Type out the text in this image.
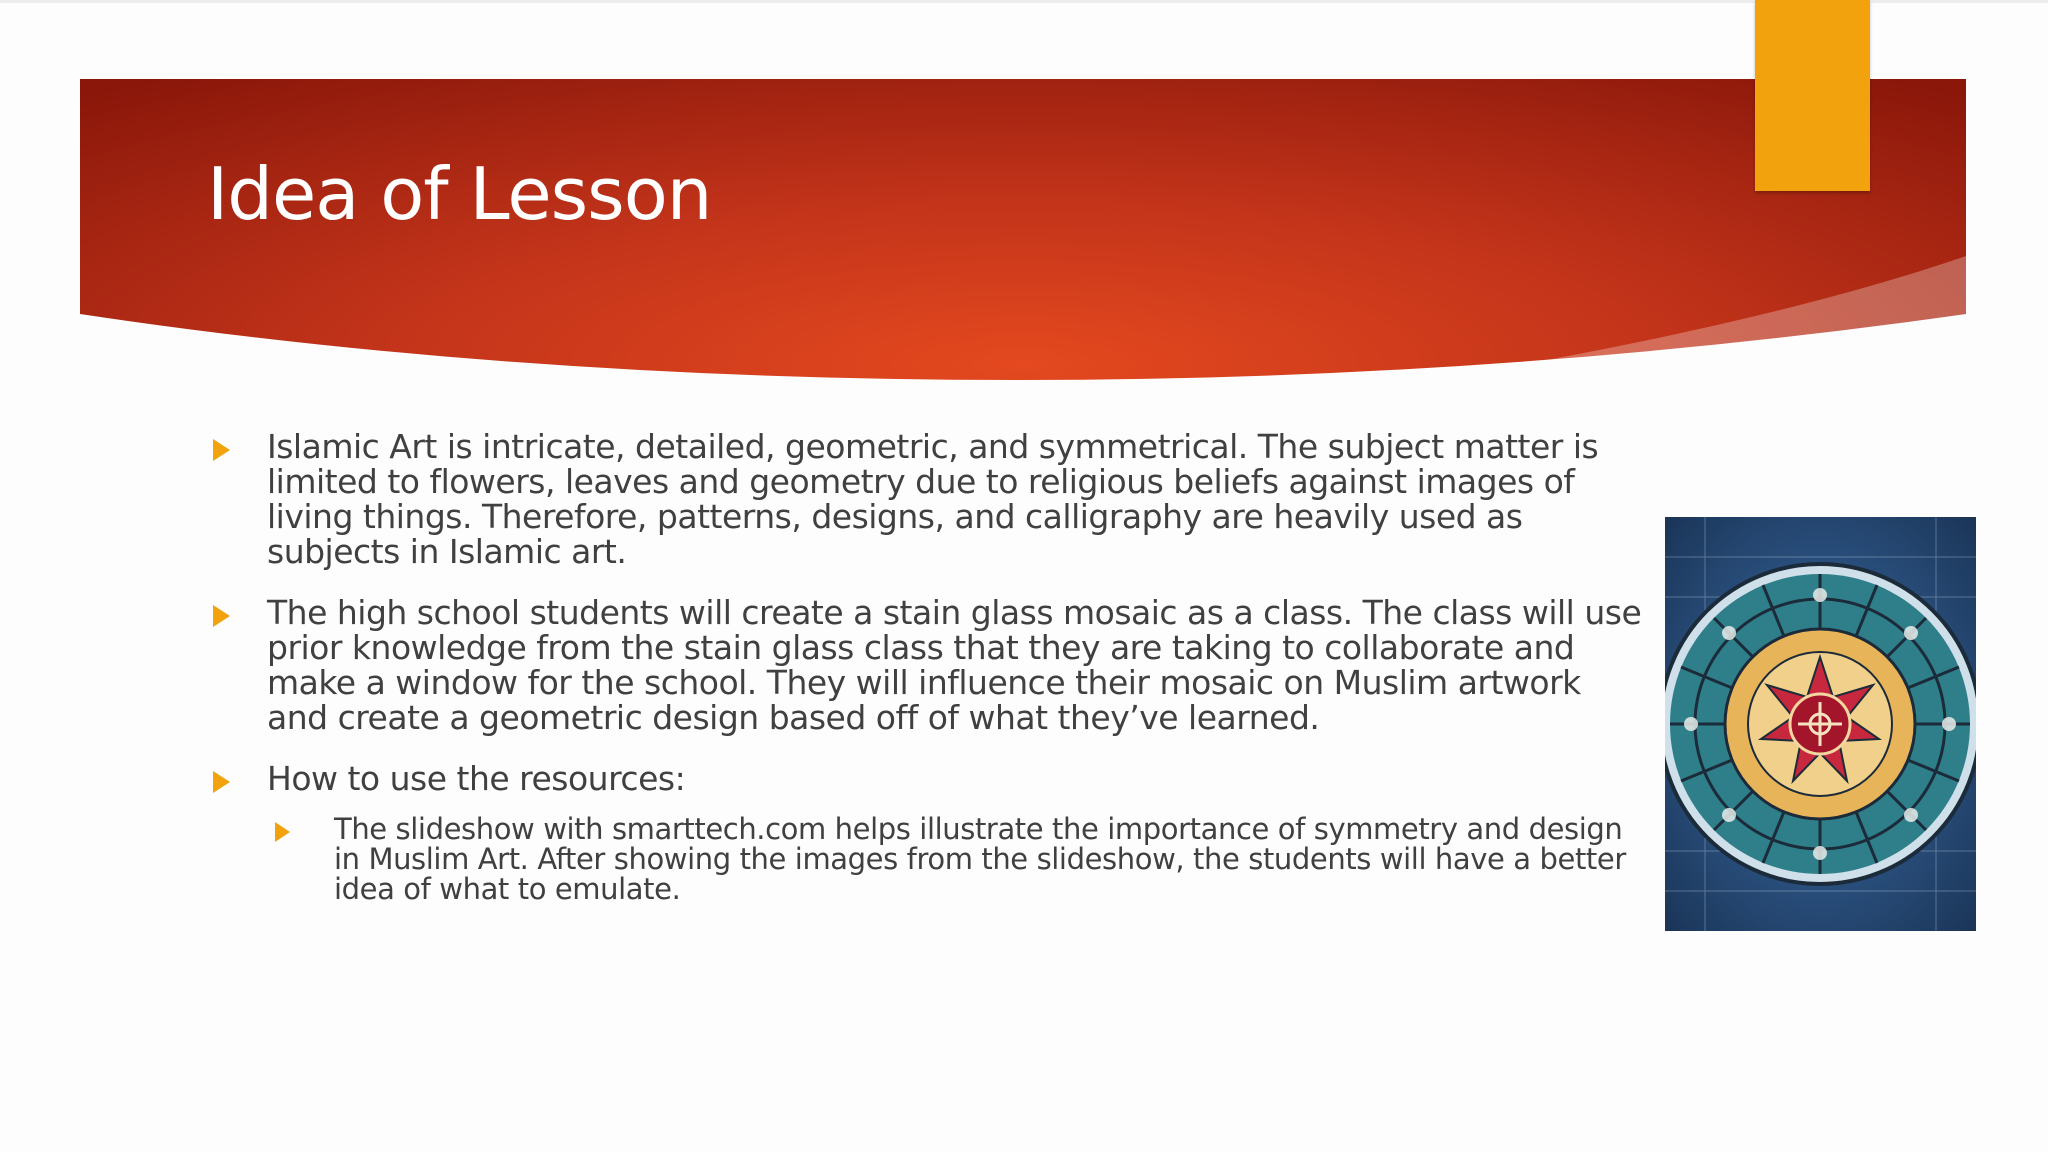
Idea of Lesson
Islamic Art is intricate, detailed, geometric, and symmetrical. The subject matter is limited to flowers, leaves and geometry due to religious beliefs against images of living things. Therefore, patterns, designs, and calligraphy are heavily used as subjects in Islamic art.
The high school students will create a stain glass mosaic as a class. The class will use prior knowledge from the stain glass class that they are taking to collaborate and make a window for the school. They will influence their mosaic on Muslim artwork and create a geometric design based off of what they’ve learned.
How to use the resources:
The slideshow with smarttech.com helps illustrate the importance of symmetry and design in Muslim Art. After showing the images from the slideshow, the students will have a better idea of what to emulate.
